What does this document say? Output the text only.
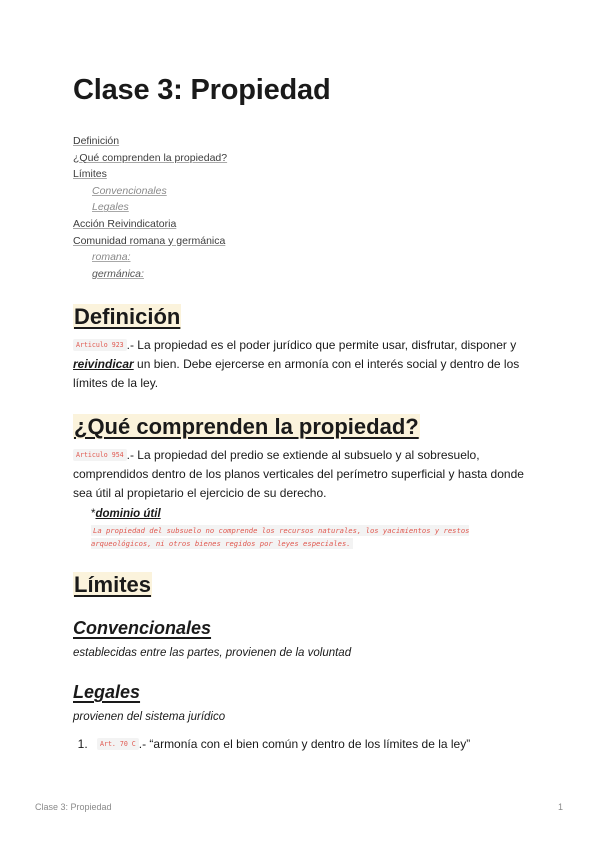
Clase 3: Propiedad
Definición
¿Qué comprenden la propiedad?
Límites
Convencionales
Legales
Acción Reivindicatoria
Comunidad romana y germánica
romana:
germánica:
Definición
Articulo 923 .- La propiedad es el poder jurídico que permite usar, disfrutar, disponer y reivindicar un bien. Debe ejercerse en armonía con el interés social y dentro de los límites de la ley.
¿Qué comprenden la propiedad?
Articulo 954 .- La propiedad del predio se extiende al subsuelo y al sobresuelo, comprendidos dentro de los planos verticales del perímetro superficial y hasta donde sea útil al propietario el ejercicio de su derecho.
*dominio útil
La propiedad del subsuelo no comprende los recursos naturales, los yacimientos y restos arqueológicos, ni otros bienes regidos por leyes especiales.
Límites
Convencionales
establecidas entre las partes, provienen de la voluntad
Legales
provienen del sistema jurídico
1. Art. 70 C .- “armonía con el bien común y dentro de los límites de la ley”
Clase 3: Propiedad	1
